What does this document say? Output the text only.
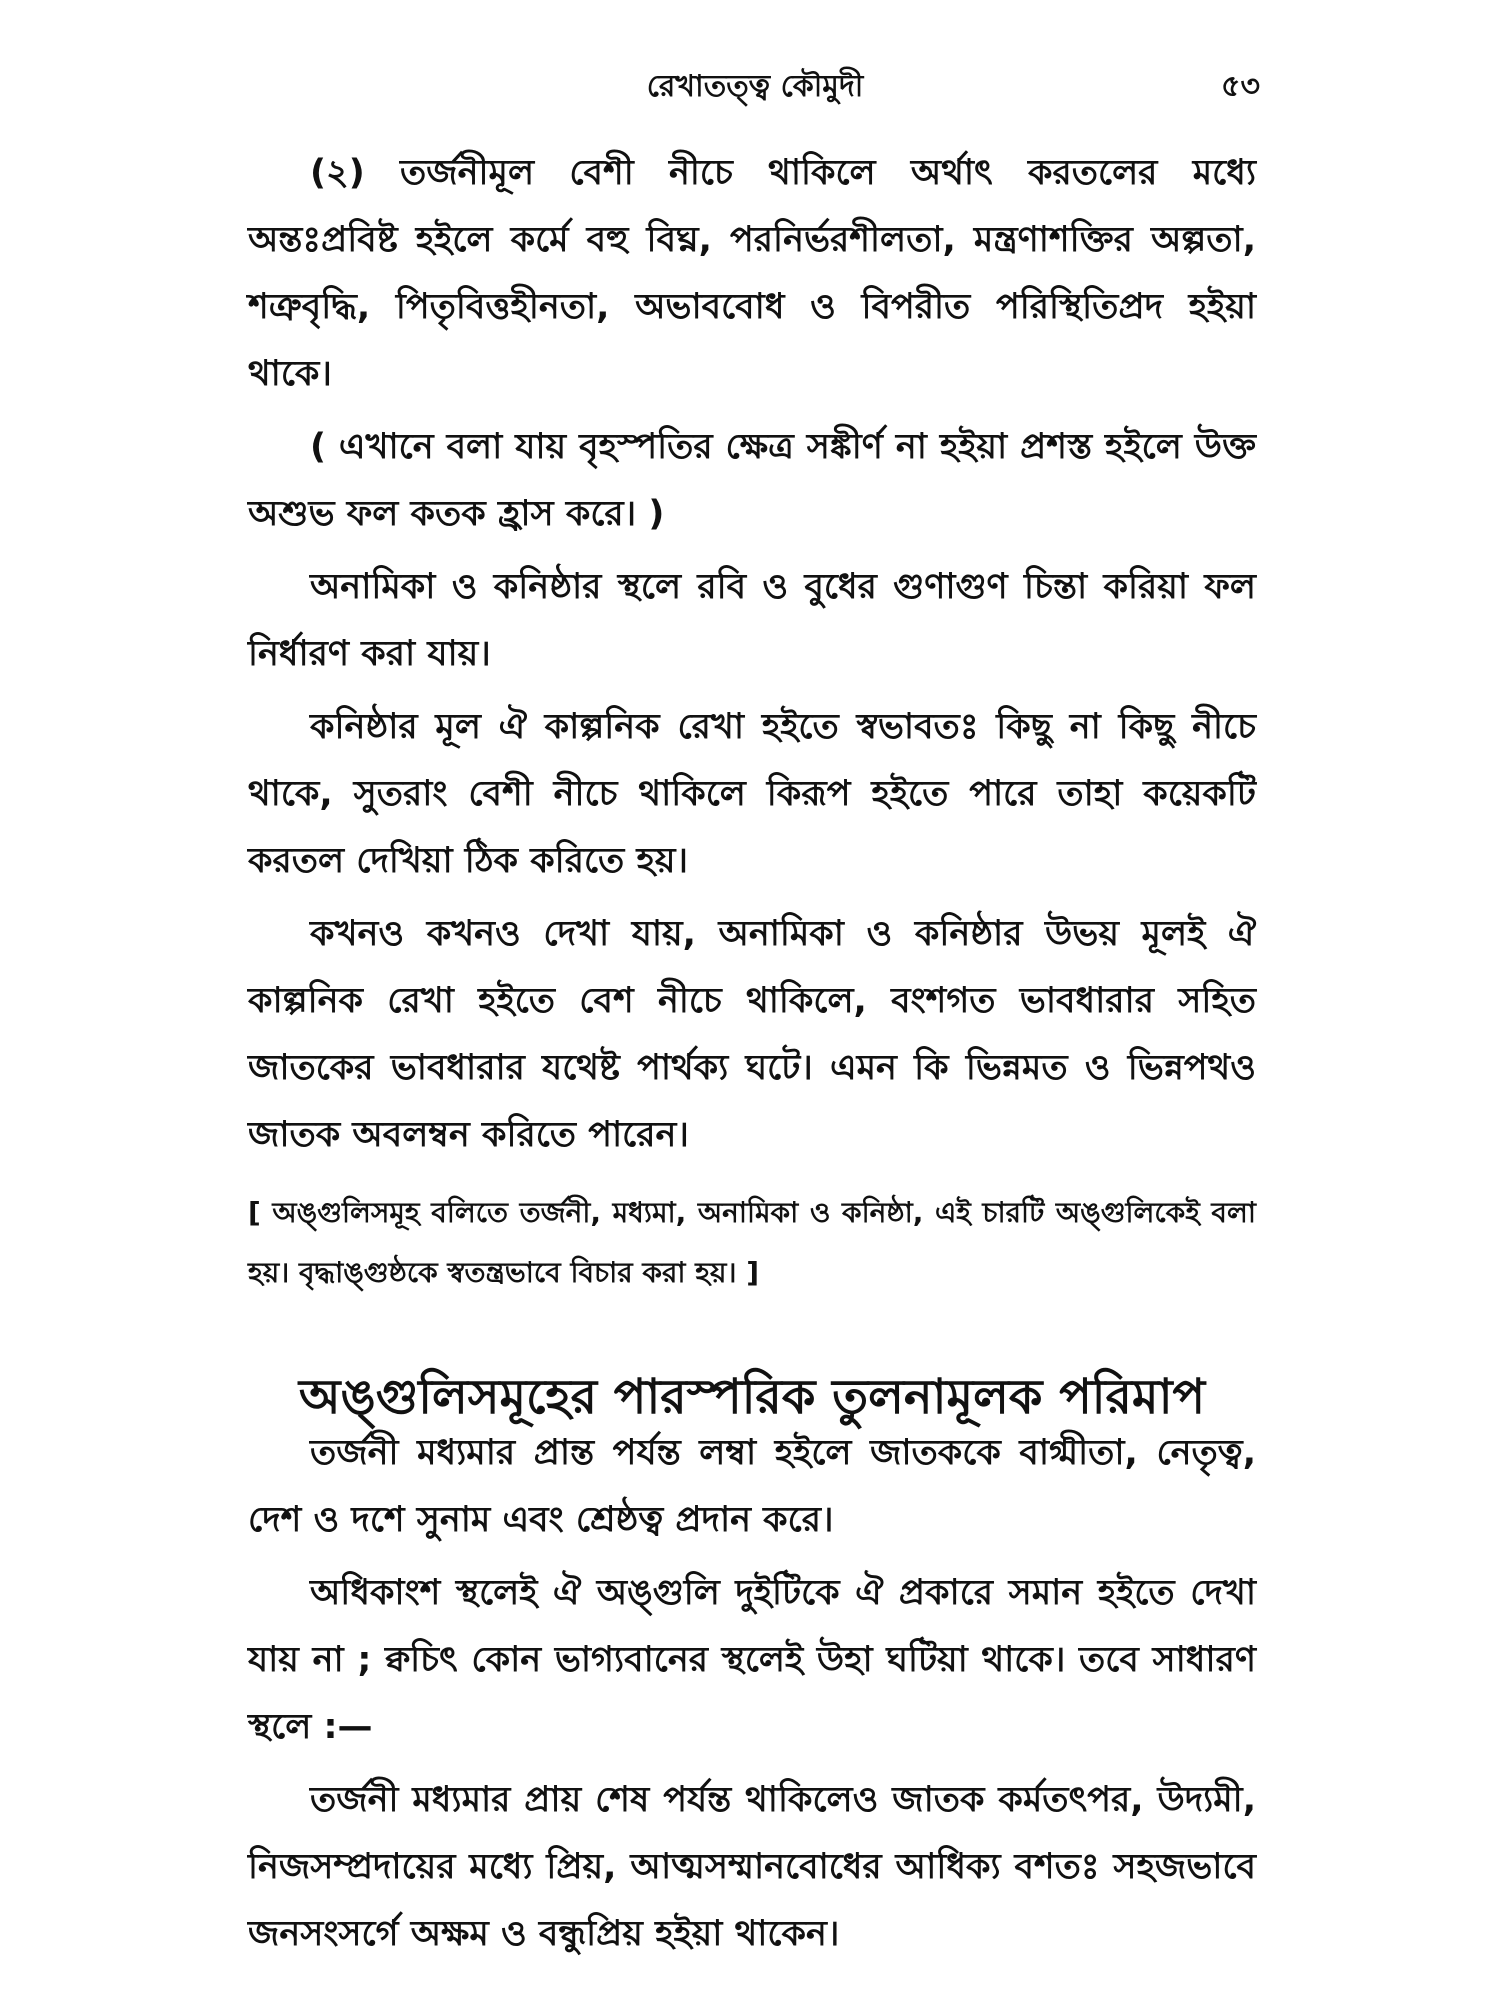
রেখাতত্ত্ব কৌমুদী	৫৩

(২) তর্জনীমূল বেশী নীচে থাকিলে অর্থাৎ করতলের মধ্যে অন্তঃপ্রবিষ্ট হইলে কর্মে বহু বিঘ্ন, পরনির্ভরশীলতা, মন্ত্রণাশক্তির অল্পতা, শত্রুবৃদ্ধি, পিতৃবিত্তহীনতা, অভাববোধ ও বিপরীত পরিস্থিতিপ্রদ হইয়া থাকে।

( এখানে বলা যায় বৃহস্পতির ক্ষেত্র সঙ্কীর্ণ না হইয়া প্রশস্ত হইলে উক্ত অশুভ ফল কতক হ্রাস করে। )

অনামিকা ও কনিষ্ঠার স্থলে রবি ও বুধের গুণাগুণ চিন্তা করিয়া ফল নির্ধারণ করা যায়।

কনিষ্ঠার মূল ঐ কাল্পনিক রেখা হইতে স্বভাবতঃ কিছু না কিছু নীচে থাকে, সুতরাং বেশী নীচে থাকিলে কিরূপ হইতে পারে তাহা কয়েকটি করতল দেখিয়া ঠিক করিতে হয়।

কখনও কখনও দেখা যায়, অনামিকা ও কনিষ্ঠার উভয় মূলই ঐ কাল্পনিক রেখা হইতে বেশ নীচে থাকিলে, বংশগত ভাবধারার সহিত জাতকের ভাবধারার যথেষ্ট পার্থক্য ঘটে। এমন কি ভিন্নমত ও ভিন্নপথও জাতক অবলম্বন করিতে পারেন।

[ অঙ্গুলিসমূহ বলিতে তর্জনী, মধ্যমা, অনামিকা ও কনিষ্ঠা, এই চারটি অঙ্গুলিকেই বলা হয়। বৃদ্ধাঙ্গুষ্ঠকে স্বতন্ত্রভাবে বিচার করা হয়। ]

অঙ্গুলিসমূহের পারস্পরিক তুলনামূলক পরিমাপ

তর্জনী মধ্যমার প্রান্ত পর্যন্ত লম্বা হইলে জাতককে বাগ্মীতা, নেতৃত্ব, দেশ ও দশে সুনাম এবং শ্রেষ্ঠত্ব প্রদান করে।

অধিকাংশ স্থলেই ঐ অঙ্গুলি দুইটিকে ঐ প্রকারে সমান হইতে দেখা যায় না ; ক্বচিৎ কোন ভাগ্যবানের স্থলেই উহা ঘটিয়া থাকে। তবে সাধারণ স্থলে :—

তর্জনী মধ্যমার প্রায় শেষ পর্যন্ত থাকিলেও জাতক কর্মতৎপর, উদ্যমী, নিজসম্প্রদায়ের মধ্যে প্রিয়, আত্মসম্মানবোধের আধিক্য বশতঃ সহজভাবে জনসংসর্গে অক্ষম ও বন্ধুপ্রিয় হইয়া থাকেন।
